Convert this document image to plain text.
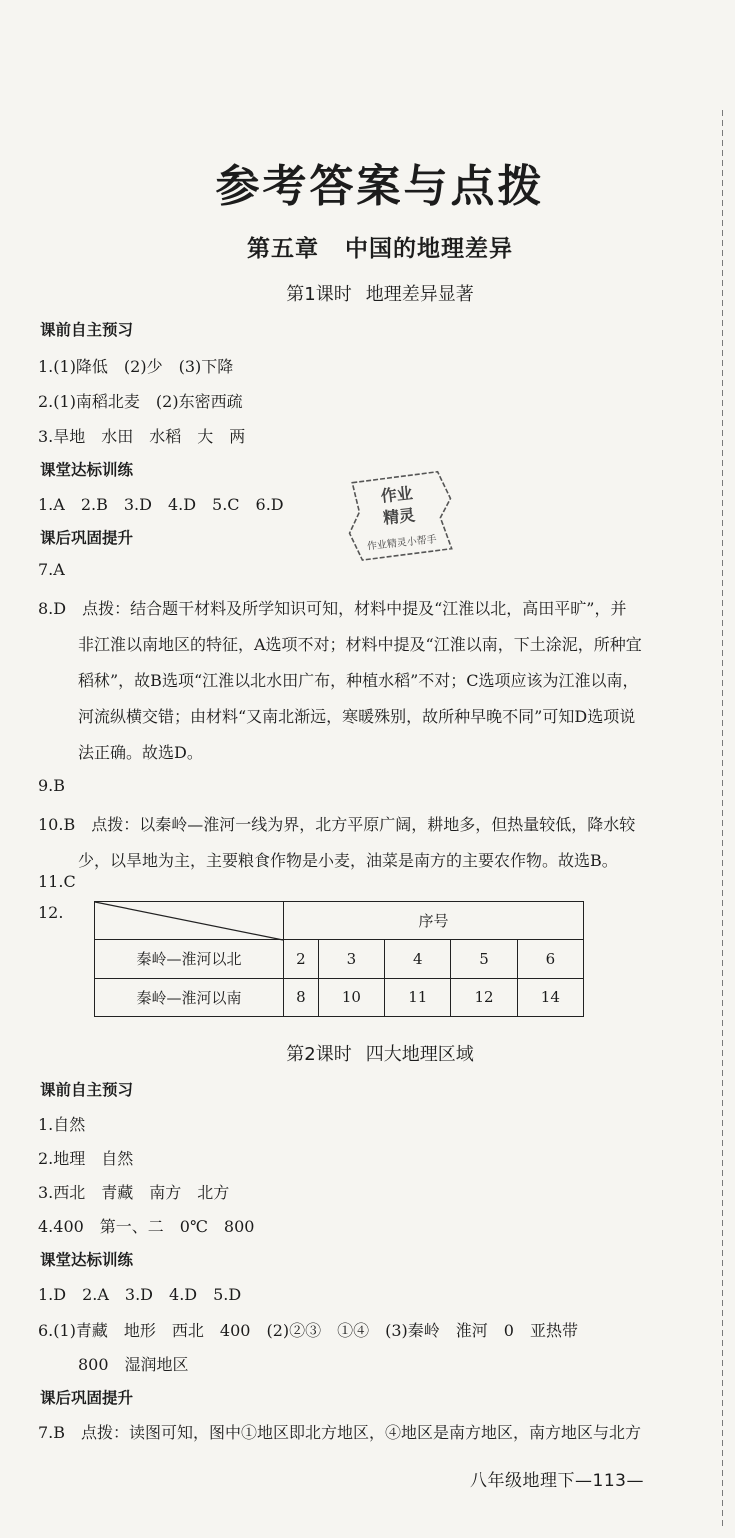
参考答案与点拨
第五章 中国的地理差异
第1课时 地理差异显著
课前自主预习
1.(1)降低　(2)少　(3)下降
2.(1)南稻北麦　(2)东密西疏
3.旱地　水田　水稻　大　两
课堂达标训练
1.A　2.B　3.D　4.D　5.C　6.D
课后巩固提升
7.A
8.D　点拨：结合题干材料及所学知识可知，材料中提及“江淮以北，高田平旷”，并
非江淮以南地区的特征，A选项不对；材料中提及“江淮以南，下土涂泥，所种宜
稻秫”，故B选项“江淮以北水田广布，种植水稻”不对；C选项应该为江淮以南，
河流纵横交错；由材料“又南北渐远，寒暖殊别，故所种早晚不同”可知D选项说
法正确。故选D。
9.B
10.B　点拨：以秦岭—淮河一线为界，北方平原广阔，耕地多，但热量较低，降水较
少，以旱地为主，主要粮食作物是小麦，油菜是南方的主要农作物。故选B。
11.C
12.
		序号				
秦岭—淮河以北	2	3	4	5	6
秦岭—淮河以南	8	10	11	12	14
第2课时 四大地理区域
课前自主预习
1.自然
2.地理　自然
3.西北　青藏　南方　北方
4.400　第一、二　0℃　800
课堂达标训练
1.D　2.A　3.D　4.D　5.D
6.(1)青藏　地形　西北　400　(2)②③　①④　(3)秦岭　淮河　0　亚热带
800　湿润地区
课后巩固提升
7.B　点拨：读图可知，图中①地区即北方地区，④地区是南方地区，南方地区与北方
作业
精灵
作业精灵小帮手
八年级地理下—113—
